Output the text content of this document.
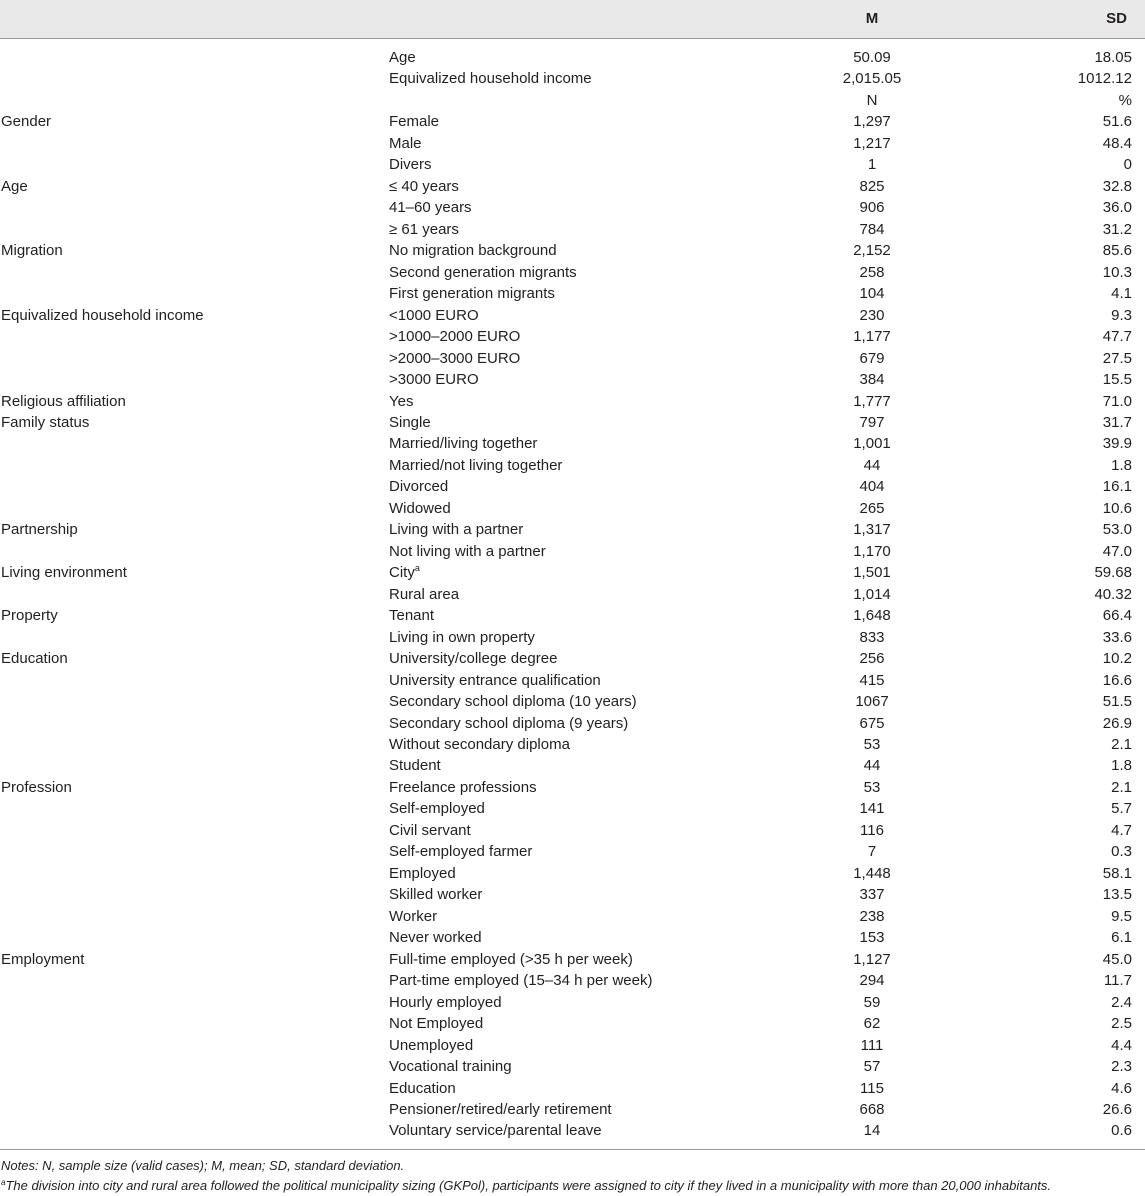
M	SD
Age	50.09	18.05
Equivalized household income	2,015.05	1012.12
N	%
Gender	Female	1,297	51.6
Male	1,217	48.4
Divers	1	0
Age	≤ 40 years	825	32.8
41–60 years	906	36.0
≥ 61 years	784	31.2
Migration	No migration background	2,152	85.6
Second generation migrants	258	10.3
First generation migrants	104	4.1
Equivalized household income	<1000 EURO	230	9.3
>1000–2000 EURO	1,177	47.7
>2000–3000 EURO	679	27.5
>3000 EURO	384	15.5
Religious affiliation	Yes	1,777	71.0
Family status	Single	797	31.7
Married/living together	1,001	39.9
Married/not living together	44	1.8
Divorced	404	16.1
Widowed	265	10.6
Partnership	Living with a partner	1,317	53.0
Not living with a partner	1,170	47.0
Living environment	City$^a$	1,501	59.68
Rural area	1,014	40.32
Property	Tenant	1,648	66.4
Living in own property	833	33.6
Education	University/college degree	256	10.2
University entrance qualification	415	16.6
Secondary school diploma (10 years)	1067	51.5
Secondary school diploma (9 years)	675	26.9
Without secondary diploma	53	2.1
Student	44	1.8
Profession	Freelance professions	53	2.1
Self-employed	141	5.7
Civil servant	116	4.7
Self-employed farmer	7	0.3
Employed	1,448	58.1
Skilled worker	337	13.5
Worker	238	9.5
Never worked	153	6.1
Employment	Full-time employed (>35 h per week)	1,127	45.0
Part-time employed (15–34 h per week)	294	11.7
Hourly employed	59	2.4
Not Employed	62	2.5
Unemployed	111	4.4
Vocational training	57	2.3
Education	115	4.6
Pensioner/retired/early retirement	668	26.6
Voluntary service/parental leave	14	0.6
Notes: N, sample size (valid cases); M, mean; SD, standard deviation.
$^a$The division into city and rural area followed the political municipality sizing (GKPol), participants were assigned to city if they lived in a municipality with more than 20,000 inhabitants.
